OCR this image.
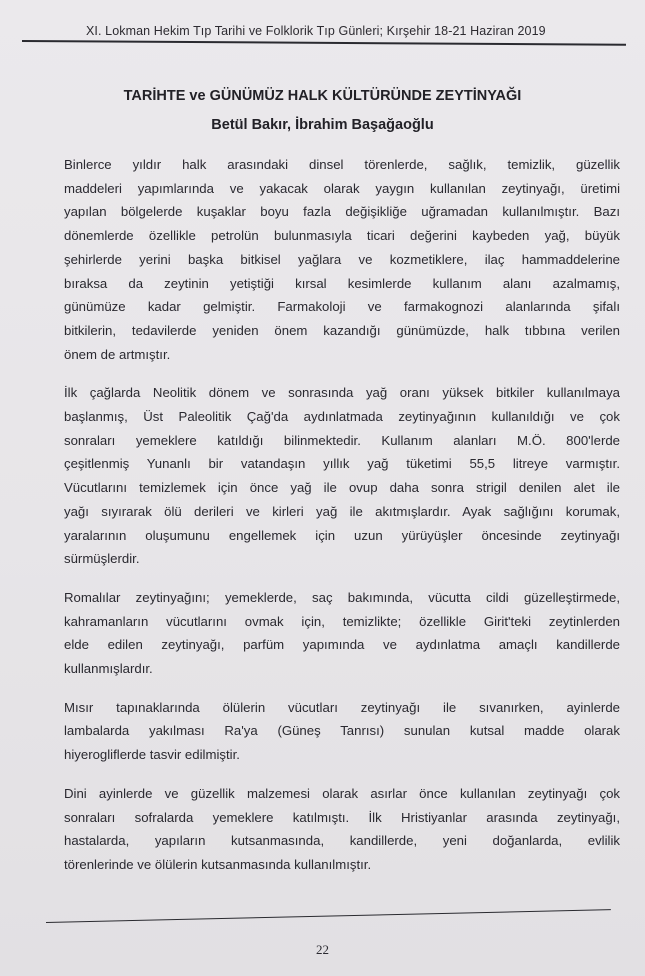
XI. Lokman Hekim Tıp Tarihi ve Folklorik Tıp Günleri; Kırşehir 18-21 Haziran 2019
TARİHTE ve GÜNÜMÜZ HALK KÜLTÜRÜNDE ZEYTİNYAĞI
Betül Bakır, İbrahim Başağaoğlu

Binlerce yıldır halk arasındaki dinsel törenlerde, sağlık, temizlik, güzellik
maddeleri yapımlarında ve yakacak olarak yaygın kullanılan zeytinyağı, üretimi
yapılan bölgelerde kuşaklar boyu fazla değişikliğe uğramadan kullanılmıştır. Bazı
dönemlerde özellikle petrolün bulunmasıyla ticari değerini kaybeden yağ, büyük
şehirlerde yerini başka bitkisel yağlara ve kozmetiklere, ilaç hammaddelerine
bıraksa da zeytinin yetiştiği kırsal kesimlerde kullanım alanı azalmamış,
günümüze kadar gelmiştir. Farmakoloji ve farmakognozi alanlarında şifalı
bitkilerin, tedavilerde yeniden önem kazandığı günümüzde, halk tıbbına verilen
önem de artmıştır.

İlk çağlarda Neolitik dönem ve sonrasında yağ oranı yüksek bitkiler kullanılmaya
başlanmış, Üst Paleolitik Çağ'da aydınlatmada zeytinyağının kullanıldığı ve çok
sonraları yemeklere katıldığı bilinmektedir. Kullanım alanları M.Ö. 800'lerde
çeşitlenmiş Yunanlı bir vatandaşın yıllık yağ tüketimi 55,5 litreye varmıştır.
Vücutlarını temizlemek için önce yağ ile ovup daha sonra strigil denilen alet ile
yağı sıyırarak ölü derileri ve kirleri yağ ile akıtmışlardır. Ayak sağlığını korumak,
yaralarının oluşumunu engellemek için uzun yürüyüşler öncesinde zeytinyağı
sürmüşlerdir.

Romalılar zeytinyağını; yemeklerde, saç bakımında, vücutta cildi güzelleştirmede,
kahramanların vücutlarını ovmak için, temizlikte; özellikle Girit'teki zeytinlerden
elde edilen zeytinyağı, parfüm yapımında ve aydınlatma amaçlı kandillerde
kullanmışlardır.

Mısır tapınaklarında ölülerin vücutları zeytinyağı ile sıvanırken, ayinlerde
lambalarda yakılması Ra'ya (Güneş Tanrısı) sunulan kutsal madde olarak
hiyerogliflerde tasvir edilmiştir.

Dini ayinlerde ve güzellik malzemesi olarak asırlar önce kullanılan zeytinyağı çok
sonraları sofralarda yemeklere katılmıştı. İlk Hristiyanlar arasında zeytinyağı,
hastalarda, yapıların kutsanmasında, kandillerde, yeni doğanlarda, evlilik
törenlerinde ve ölülerin kutsanmasında kullanılmıştır.

22
